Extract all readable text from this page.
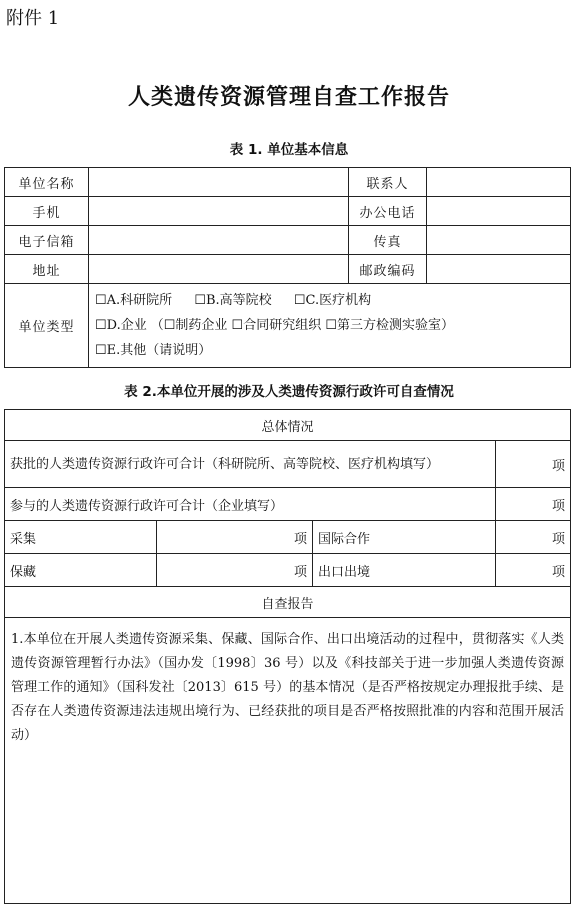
附件 1
人类遗传资源管理自查工作报告
表 1. 单位基本信息
单位名称		联系人	
手机		办公电话	
电子信箱		传真	
地址		邮政编码	
单位类型	☐A.科研院所 ☐B.高等院校 ☐C.医疗机构
☐D.企业 （☐制药企业 ☐合同研究组织 ☐第三方检测实验室）
☐E.其他（请说明）		
表 2.本单位开展的涉及人类遗传资源行政许可自查情况
总体情况			
获批的人类遗传资源行政许可合计（科研院所、高等院校、医疗机构填写）			项
参与的人类遗传资源行政许可合计（企业填写）			项
采集	项	国际合作	项
保藏	项	出口出境	项
自查报告			
1.本单位在开展人类遗传资源采集、保藏、国际合作、出口出境活动的过程中，贯彻落实《人类遗传资源管理暂行办法》（国办发〔1998〕36 号）以及《科技部关于进一步加强人类遗传资源管理工作的通知》（国科发社〔2013〕615 号）的基本情况（是否严格按规定办理报批手续、是否存在人类遗传资源违法违规出境行为、已经获批的项目是否严格按照批准的内容和范围开展活动）			
